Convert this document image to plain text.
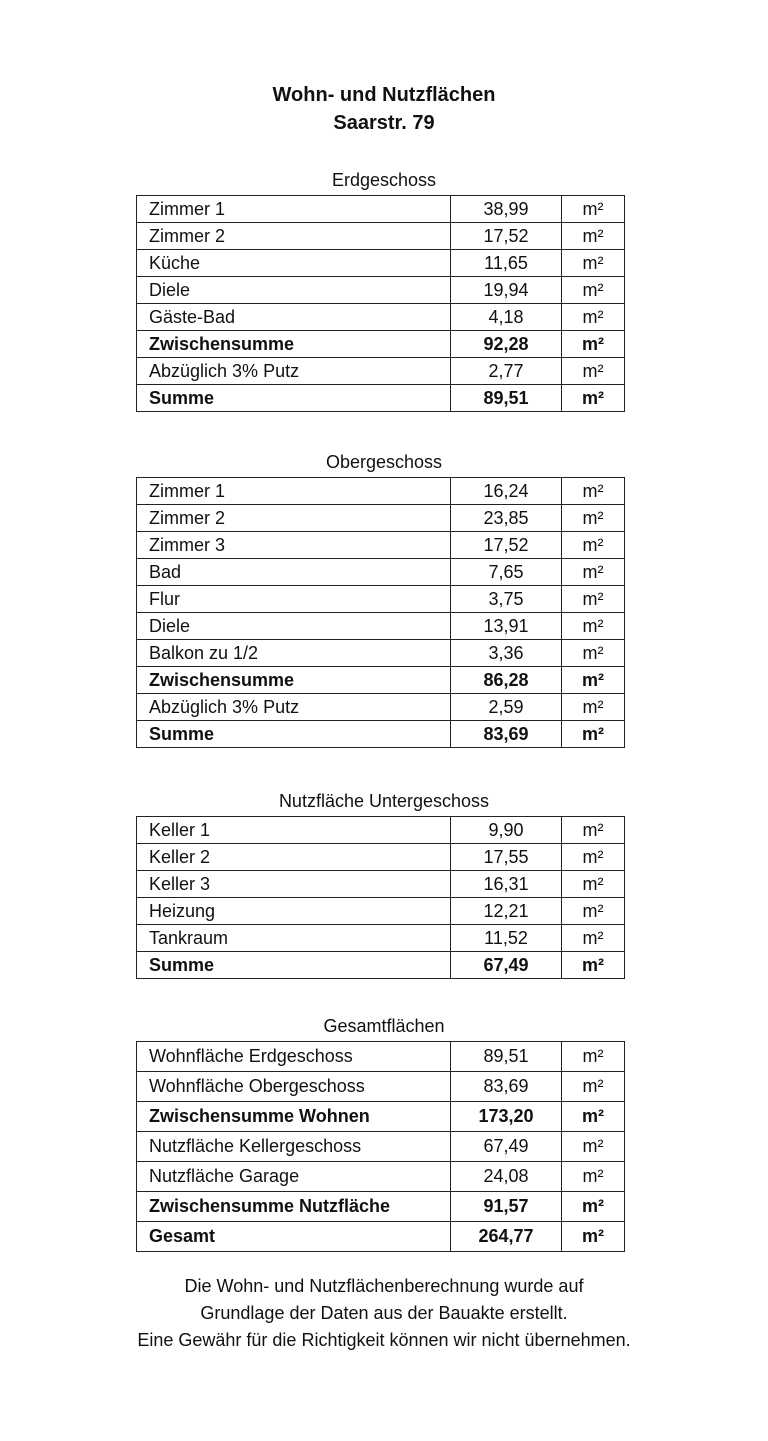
Wohn- und Nutzflächen
Saarstr. 79
Erdgeschoss
Zimmer 1	38,99	m²
Zimmer 2	17,52	m²
Küche	11,65	m²
Diele	19,94	m²
Gäste-Bad	4,18	m²
Zwischensumme	92,28	m²
Abzüglich 3% Putz	2,77	m²
Summe	89,51	m²
Obergeschoss
Zimmer 1	16,24	m²
Zimmer 2	23,85	m²
Zimmer 3	17,52	m²
Bad	7,65	m²
Flur	3,75	m²
Diele	13,91	m²
Balkon zu 1/2	3,36	m²
Zwischensumme	86,28	m²
Abzüglich 3% Putz	2,59	m²
Summe	83,69	m²
Nutzfläche Untergeschoss
Keller 1	9,90	m²
Keller 2	17,55	m²
Keller 3	16,31	m²
Heizung	12,21	m²
Tankraum	11,52	m²
Summe	67,49	m²
Gesamtflächen
Wohnfläche Erdgeschoss	89,51	m²
Wohnfläche Obergeschoss	83,69	m²
Zwischensumme Wohnen	173,20	m²
Nutzfläche Kellergeschoss	67,49	m²
Nutzfläche Garage	24,08	m²
Zwischensumme Nutzfläche	91,57	m²
Gesamt	264,77	m²
Die Wohn- und Nutzflächenberechnung wurde auf
Grundlage der Daten aus der Bauakte erstellt.
Eine Gewähr für die Richtigkeit können wir nicht übernehmen.
